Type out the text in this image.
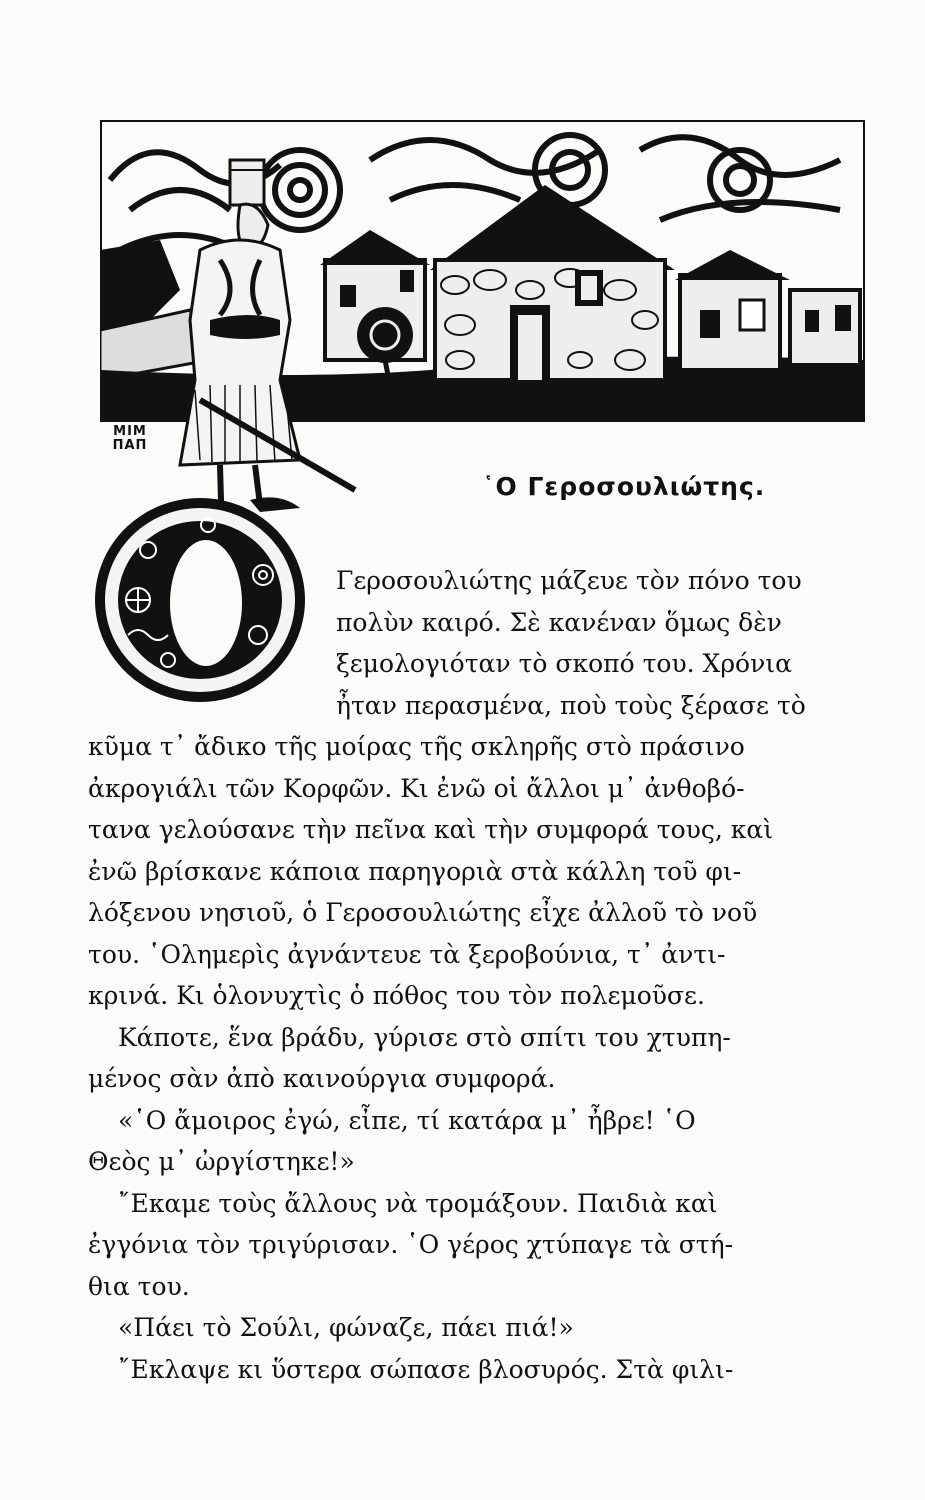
ΜΙΜ
ΠΑΠ
῾Ο Γεροσουλιώτης.
Γεροσουλιώτης μάζευε τὸν πόνο του
πολὺν καιρό. Σὲ κανέναν ὅμως δὲν
ξεμολογιόταν τὸ σκοπό του. Χρόνια
ἦταν περασμένα, ποὺ τοὺς ξέρασε τὸ
κῦμα τ᾿ ἄδικο τῆς μοίρας τῆς σκληρῆς στὸ πράσινο
ἀκρογιάλι τῶν Κορφῶν. Κι ἐνῶ οἱ ἄλλοι μ᾿ ἀνθοβό-
τανα γελούσανε τὴν πεῖνα καὶ τὴν συμφορά τους, καὶ
ἐνῶ βρίσκανε κάποια παρηγοριὰ στὰ κάλλη τοῦ φι-
λόξενου νησιοῦ, ὁ Γεροσουλιώτης εἶχε ἀλλοῦ τὸ νοῦ
του. ῾Ολημερὶς ἀγνάντευε τὰ ξεροβούνια, τ᾿ ἀντι-
κρινά. Κι ὁλονυχτὶς ὁ πόθος του τὸν πολεμοῦσε.
Κάποτε, ἕνα βράδυ, γύρισε στὸ σπίτι του χτυπη-
μένος σὰν ἀπὸ καινούργια συμφορά.
«῾Ο ἄμοιρος ἐγώ, εἶπε, τί κατάρα μ᾿ ἦβρε! ῾Ο
Θεὸς μ᾿ ὠργίστηκε!»
῎Εκαμε τοὺς ἄλλους νὰ τρομάξουν. Παιδιὰ καὶ
ἐγγόνια τὸν τριγύρισαν. ῾Ο γέρος χτύπαγε τὰ στή-
θια του.
«Πάει τὸ Σούλι, φώναζε, πάει πιά!»
῎Εκλαψε κι ὕστερα σώπασε βλοσυρός. Στὰ φιλι-
